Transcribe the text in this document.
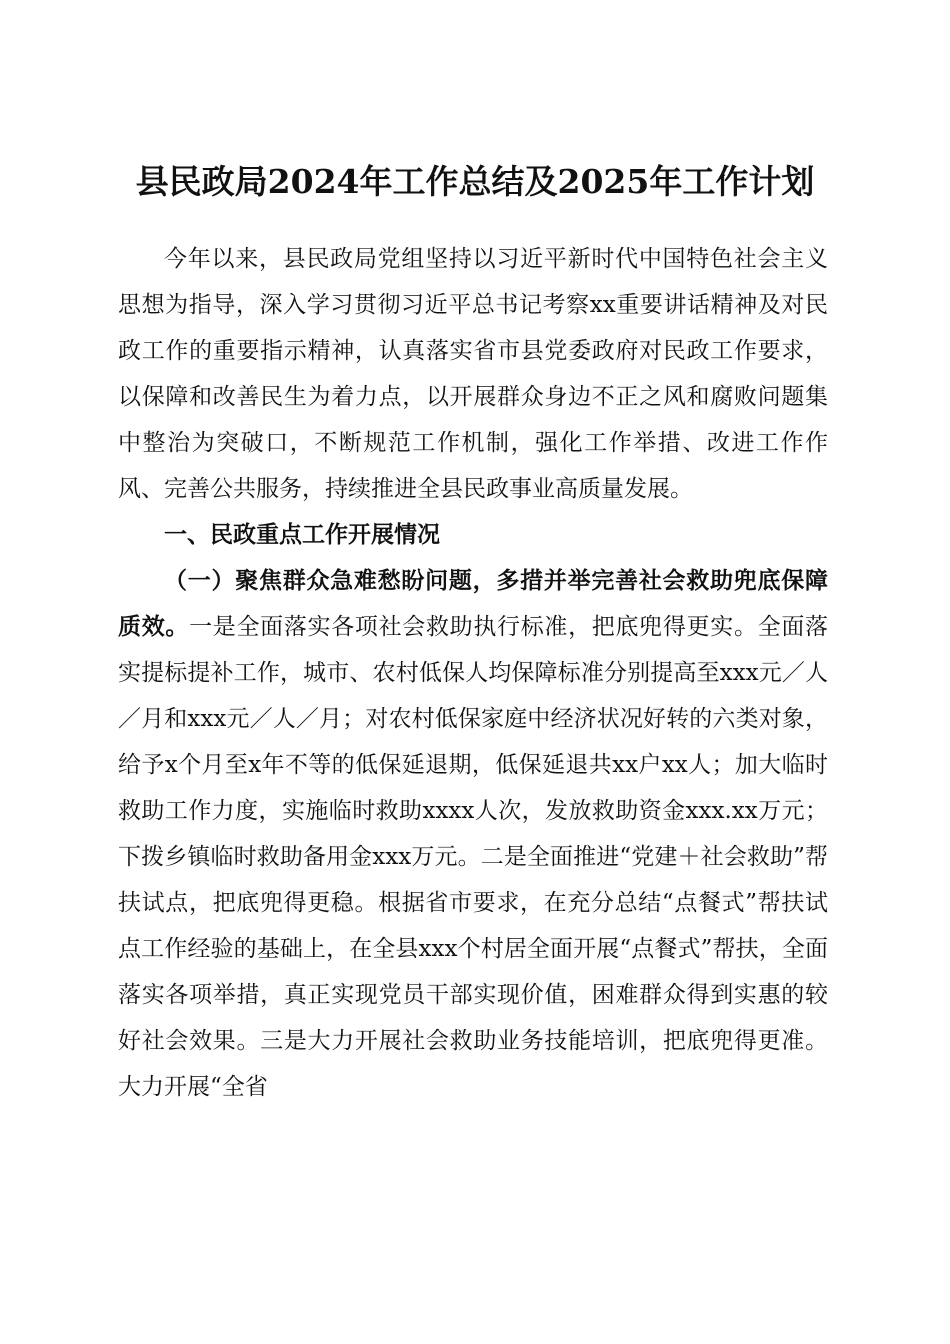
县民政局2024年工作总结及2025年工作计划

今年以来，县民政局党组坚持以习近平新时代中国特色社会主义思想为指导，深入学习贯彻习近平总书记考察xx重要讲话精神及对民政工作的重要指示精神，认真落实省市县党委政府对民政工作要求，以保障和改善民生为着力点，以开展群众身边不正之风和腐败问题集中整治为突破口，不断规范工作机制，强化工作举措、改进工作作风、完善公共服务，持续推进全县民政事业高质量发展。

一、民政重点工作开展情况

（一）聚焦群众急难愁盼问题，多措并举完善社会救助兜底保障质效。一是全面落实各项社会救助执行标准，把底兜得更实。全面落实提标提补工作，城市、农村低保人均保障标准分别提高至xxx元／人／月和xxx元／人／月；对农村低保家庭中经济状况好转的六类对象，给予x个月至x年不等的低保延退期，低保延退共xx户xx人；加大临时救助工作力度，实施临时救助xxxx人次，发放救助资金xxx.xx万元；下拨乡镇临时救助备用金xxx万元。二是全面推进“党建＋社会救助”帮扶试点，把底兜得更稳。根据省市要求，在充分总结“点餐式”帮扶试点工作经验的基础上，在全县xxx个村居全面开展“点餐式”帮扶，全面落实各项举措，真正实现党员干部实现价值，困难群众得到实惠的较好社会效果。三是大力开展社会救助业务技能培训，把底兜得更准。大力开展“全省
